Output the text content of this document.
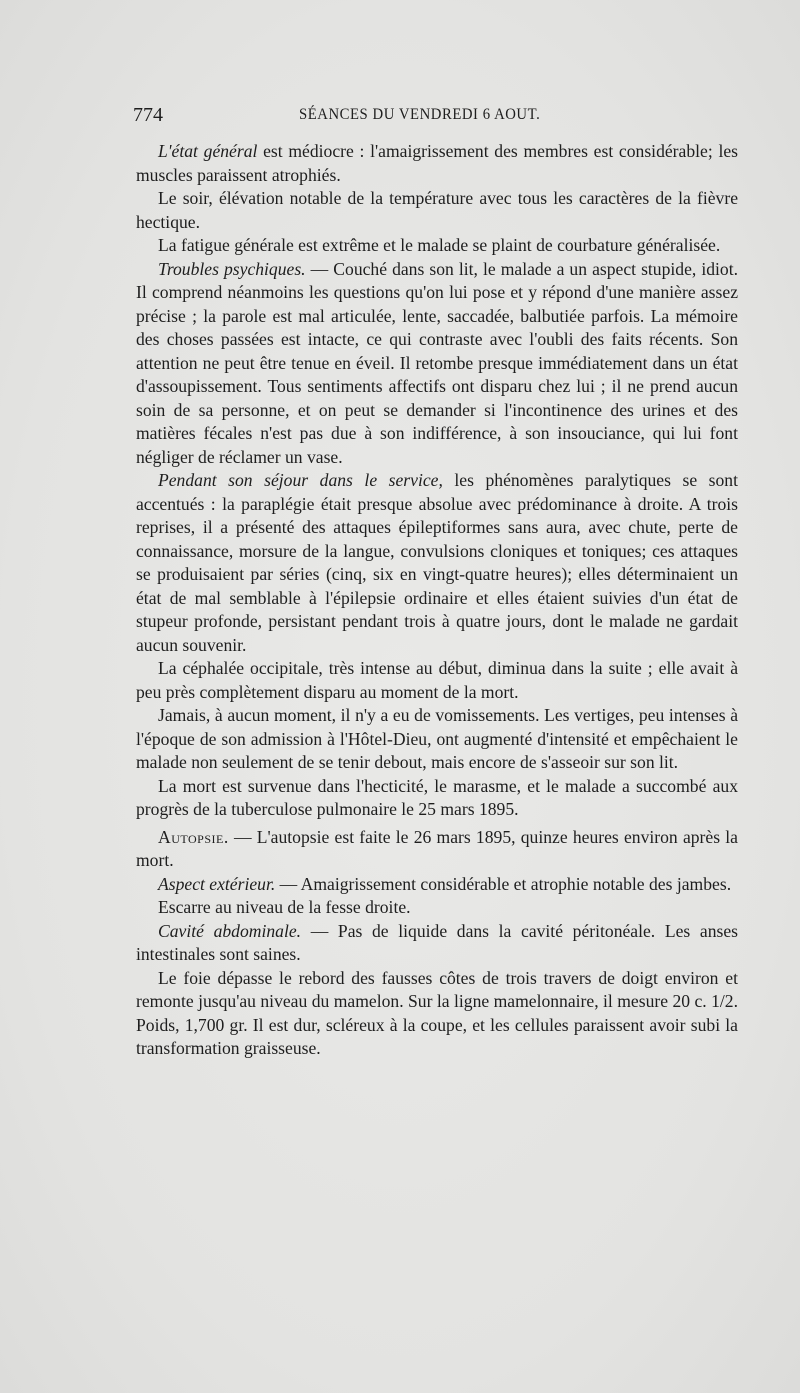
774	SÉANCES DU VENDREDI 6 AOUT.

L'état général est médiocre : l'amaigrissement des membres est considérable; les muscles paraissent atrophiés.

Le soir, élévation notable de la température avec tous les caractères de la fièvre hectique.

La fatigue générale est extrême et le malade se plaint de courbature généralisée.

Troubles psychiques. — Couché dans son lit, le malade a un aspect stupide, idiot. Il comprend néanmoins les questions qu'on lui pose et y répond d'une manière assez précise ; la parole est mal articulée, lente, saccadée, balbutiée parfois. La mémoire des choses passées est intacte, ce qui contraste avec l'oubli des faits récents. Son attention ne peut être tenue en éveil. Il retombe presque immédiatement dans un état d'assoupissement. Tous sentiments affectifs ont disparu chez lui ; il ne prend aucun soin de sa personne, et on peut se demander si l'incontinence des urines et des matières fécales n'est pas due à son indifférence, à son insouciance, qui lui font négliger de réclamer un vase.

Pendant son séjour dans le service, les phénomènes paralytiques se sont accentués : la paraplégie était presque absolue avec prédominance à droite. A trois reprises, il a présenté des attaques épileptiformes sans aura, avec chute, perte de connaissance, morsure de la langue, convulsions cloniques et toniques; ces attaques se produisaient par séries (cinq, six en vingt-quatre heures); elles déterminaient un état de mal semblable à l'épilepsie ordinaire et elles étaient suivies d'un état de stupeur profonde, persistant pendant trois à quatre jours, dont le malade ne gardait aucun souvenir.

La céphalée occipitale, très intense au début, diminua dans la suite ; elle avait à peu près complètement disparu au moment de la mort.

Jamais, à aucun moment, il n'y a eu de vomissements. Les vertiges, peu intenses à l'époque de son admission à l'Hôtel-Dieu, ont augmenté d'intensité et empêchaient le malade non seulement de se tenir debout, mais encore de s'asseoir sur son lit.

La mort est survenue dans l'hecticité, le marasme, et le malade a succombé aux progrès de la tuberculose pulmonaire le 25 mars 1895.

Autopsie. — L'autopsie est faite le 26 mars 1895, quinze heures environ après la mort.

Aspect extérieur. — Amaigrissement considérable et atrophie notable des jambes.

Escarre au niveau de la fesse droite.

Cavité abdominale. — Pas de liquide dans la cavité péritonéale. Les anses intestinales sont saines.

Le foie dépasse le rebord des fausses côtes de trois travers de doigt environ et remonte jusqu'au niveau du mamelon. Sur la ligne mamelonnaire, il mesure 20 c. 1/2. Poids, 1,700 gr. Il est dur, scléreux à la coupe, et les cellules paraissent avoir subi la transformation graisseuse.
